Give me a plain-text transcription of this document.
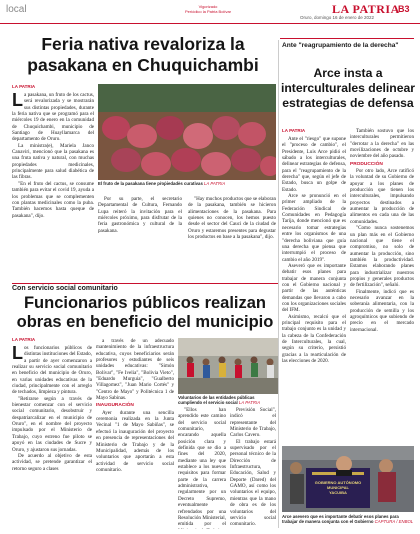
local	Vigorizado
Periódico la Patria Bolívar	LA PATRIA
Oruro, domingo 16 de enero de 2022
B3
Feria nativa revaloriza la pasakana en Chuquichambi
LA PATRIA

La pasakana, un fruto de los cactus, será revalorizada y se mostrarán sus distintas propiedades, durante la feria nativa que se programó para el miércoles 19 de enero en la comunidad de Chuquichambi, municipio de Santiago de Huayllamarca del departamento de Oruro.

La ministra(e), Mariela Janco Canaviri, mencionó que la pasakana es una fruta nativa y natural, con muchas propiedades medicinales, principalmente para salud diabética de las fibras.

"En el fruto del cactus, se consume también para evitar el covid 19, ayuda a los problemas que se complementen con plantas medicinales como la puba. También hacemos hasta queque de pasakana", dijo.

El fruto de la pasakana tiene propiedades curativas LA PATRIA

Por su parte, el secretario Departamental de Cultura, Fernando Lupa reiteró la invitación para el miércoles próximo, para disfrutar de la feria gastronómica y cultural de la pasakana.

"Hay muchos productos que se elaboran de la pasakana, también se hicieron alimentaciones de la pasakana. Para quienes no conocen, los hemos puesto desde el sector del Cauci de la ciudad de Oruro y estaremos presentes para degustar los productos en base a la pasakana", dijo.

Ante "reagrupamiento de la derecha"
Arce insta a interculturales delinear estrategias de defensa
LA PATRIA

Ante el "riesgo" que supone el "proceso de cambio", el Presidente, Luis Arce pidió el sábado a los interculturales, delinear estrategias de defensa, para el "reagrupamiento de la derecha" que, según el jefe de Estado, busca un golpe de Estado.

Arce se pronunció en el primer ampliado de la Federación Sindical de Comunidades en Pedagogía Tarija, donde mencionó que es necesario tomar estrategias entre los organismos de una "derecha boliviana que guía una derecha que piensa que interrumpió el proceso de cambio el año 2019".

Aseveró que es importante debatir esos planes para trabajar de manera conjunta con el Gobierno nacional y partir de las auténticas demandas que llevaron a cabo con los organizaciones sociales del IFM.

Asimismo, recalcó que el principal requisito para el trabajo conjunto es la unidad y la cabeza de la Confederación de Interculturales, la cual, según su criterio, persistió gracias a la rearticulación de las elecciones de 2020.

También sostuvo que los interculturales permitieron "derrotar a la derecha" en las movilizaciones de octubre y noviembre del año pasado.

PRODUCCIÓN

Por otro lado, Arce ratificó la voluntad de su Gobierno de apoyar a los planes de producción que tienen los interculturales, impulsando proyectos destinados a aumentar la producción de alimentos en cada una de las comunidades.

"Como nunca sostenemos un plan más en el Gobierno nacional que tiene el compromiso, no solo de aumentar la producción, sino también la productividad. Estamos elaborando planes para industrializar nuestros propios y generales productos de fertilización", señaló.

Finalmente, indicó que es necesario avanzar en la soberanía alimentaria, con la producción de semilla y los agroquímicos que subiendo de precio en el mercado internacional.

GOBIERNO AUTÓNOMO
MUNICIPAL
YACUIBA
Arce asevero que es importante debatir esos planes para trabajar de manera conjunta con el Gobierno CAPTURA / ENBOL
Con servicio social comunitario
Funcionarios públicos realizan obras en beneficio del municipio
LA PATRIA

Los funcionarios públicos de distintas instituciones del Estado, a partir de ayer comenzaron a realizar su servicio social comunitario en beneficio del municipio de Oruro, en varias unidades educativas de la ciudad, principalmente con el arreglo de techados, limpieza y pintura.

"Retirarse según a través de bienestar comenzar con el servicio social comunitario, desobstruir y despatriarcalizar en el municipio de Oruro", en el nombre del proyecto impulsado por el Ministerio de Trabajo, cuyo estreno fue piloto se apoyó en las ciudades de Sucre y Oruro, y ajustaron sus jornadas.

De acuerdo al objetivo de esta actividad, se pretende garantizar el retorno seguro a clases

a través de un adecuado mantenimiento de la infraestructura educativa, cuyos beneficiarios serán profesores y estudiantes de seis unidades educativas: "Simón Bolívar", "Fe Ivelia", "Bolivia Vieto", "Eduardo Murguia", "Gualberto Villagomez", "Juan Mario Cortés" y "Centro de Mayo" y Politécnica 1 de Mayo Sabinas.

INAUGURACIÓN

Ayer durante una sencilla ceremonia realizada en la Junta Vecinal "1 de Mayo Sabiñas", se efectuó la inauguración del proyecto en presencia de representaciones del Ministerio de Trabajo y de la Municipalidad, además de los voluntarios que aportarán a esta actividad de servicio social comunitario.

Voluntarios de las entidades públicas cumpliendo el servicio social LA PATRIA

"Ellos han aprendido este camino del servicio social comunitario, encarando aquella posición clara y definida que se dio a fines del 2020, mediante una ley que establece a los nuevos requisitos para formar parte de la carrera administrativa, regularmente por un Decreto Supremo, eventualmente refrendados por una Resolución Ministerial, emitida por el

Previsión Social", indicó el representante del Ministerio de Trabajo, Carlos Cavero.

El trabajo estará supervisado por el personal técnico de la Dirección de Infraestructura, Educación, Salud y Deporte (Dared) del GAMO, así como los voluntarios el equipo, mientras que la mano de obra es de los voluntarios del servicio social comunitario.
